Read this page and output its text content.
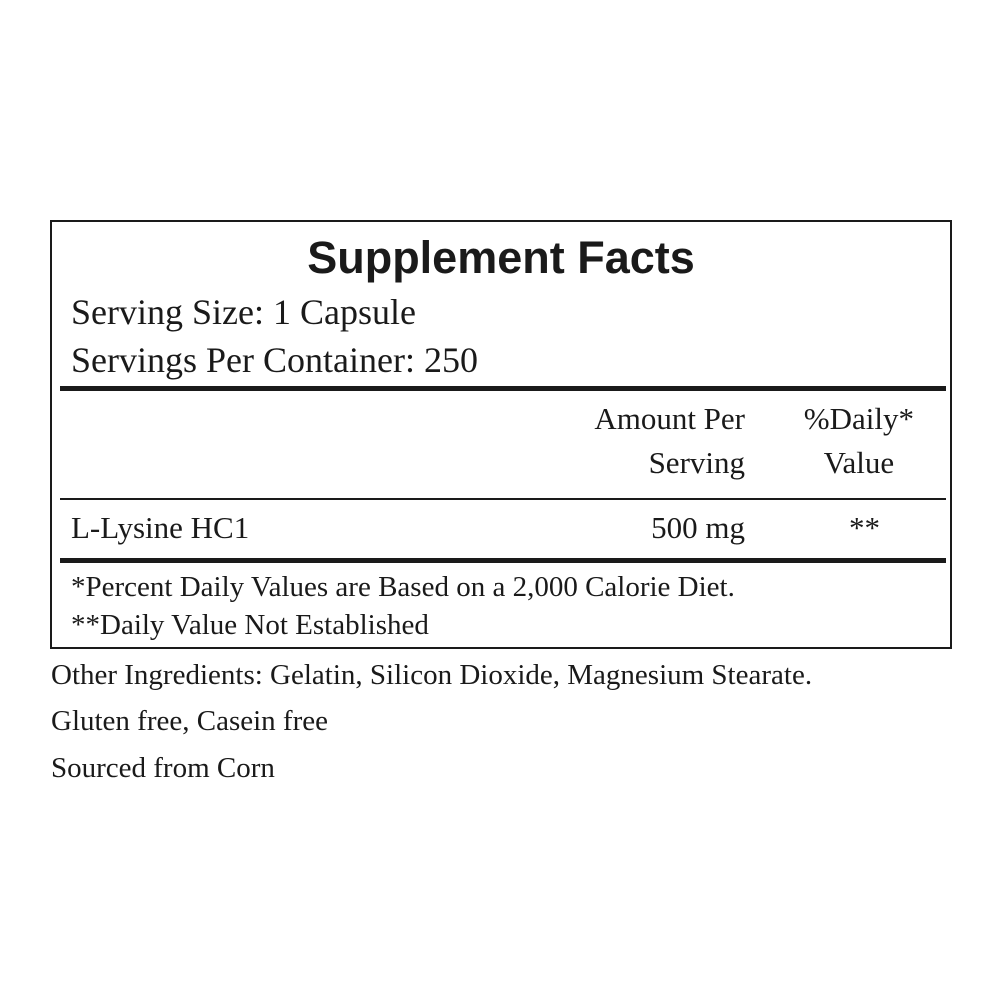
Supplement Facts
Serving Size: 1 Capsule
Servings Per Container: 250
Amount Per
Serving
%Daily*
Value
L-Lysine HC1	500 mg	**
*Percent Daily Values are Based on a 2,000 Calorie Diet.
**Daily Value Not Established
Other Ingredients: Gelatin, Silicon Dioxide, Magnesium Stearate.
Gluten free, Casein free
Sourced from Corn
